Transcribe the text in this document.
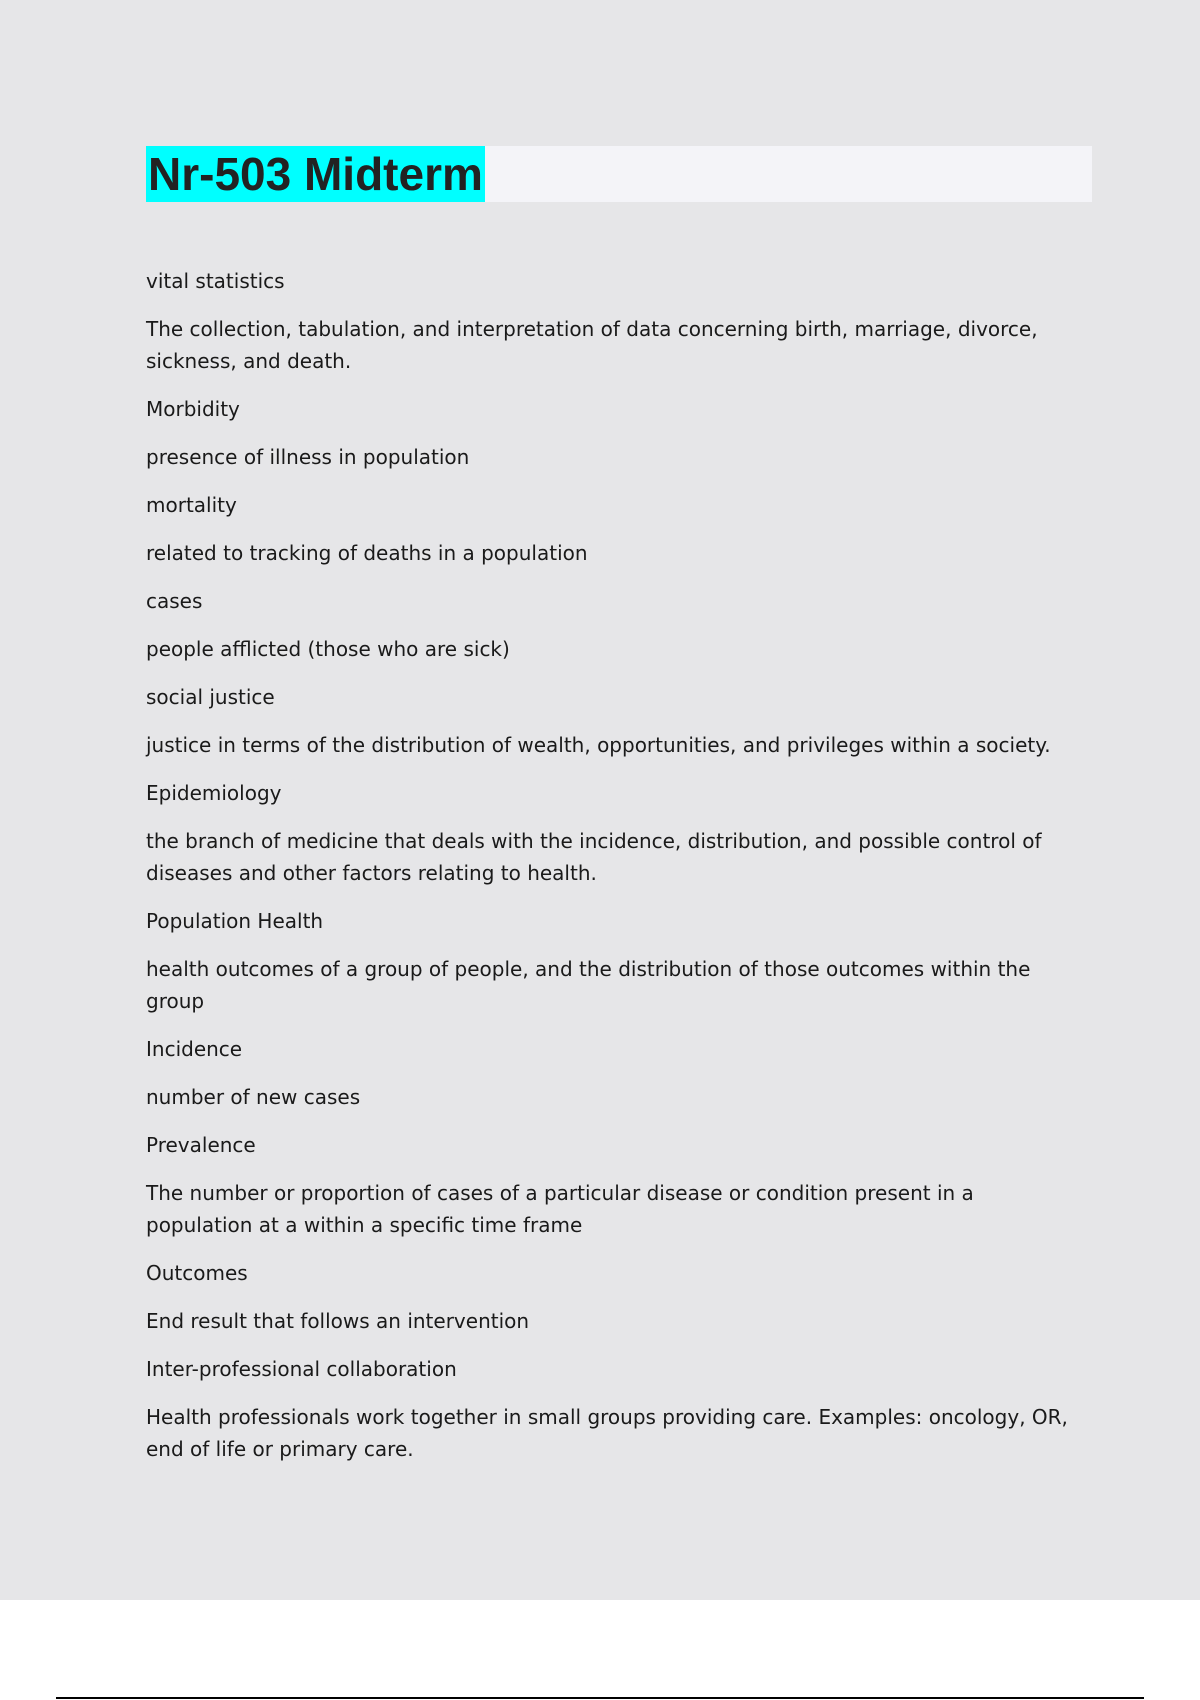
Nr-503 Midterm

vital statistics

The collection, tabulation, and interpretation of data concerning birth, marriage, divorce, sickness, and death.

Morbidity

presence of illness in population

mortality

related to tracking of deaths in a population

cases

people afflicted (those who are sick)

social justice

justice in terms of the distribution of wealth, opportunities, and privileges within a society.

Epidemiology

the branch of medicine that deals with the incidence, distribution, and possible control of diseases and other factors relating to health.

Population Health

health outcomes of a group of people, and the distribution of those outcomes within the group

Incidence

number of new cases

Prevalence

The number or proportion of cases of a particular disease or condition present in a population at a within a specific time frame

Outcomes

End result that follows an intervention

Inter-professional collaboration

Health professionals work together in small groups providing care. Examples: oncology, OR, end of life or primary care.
